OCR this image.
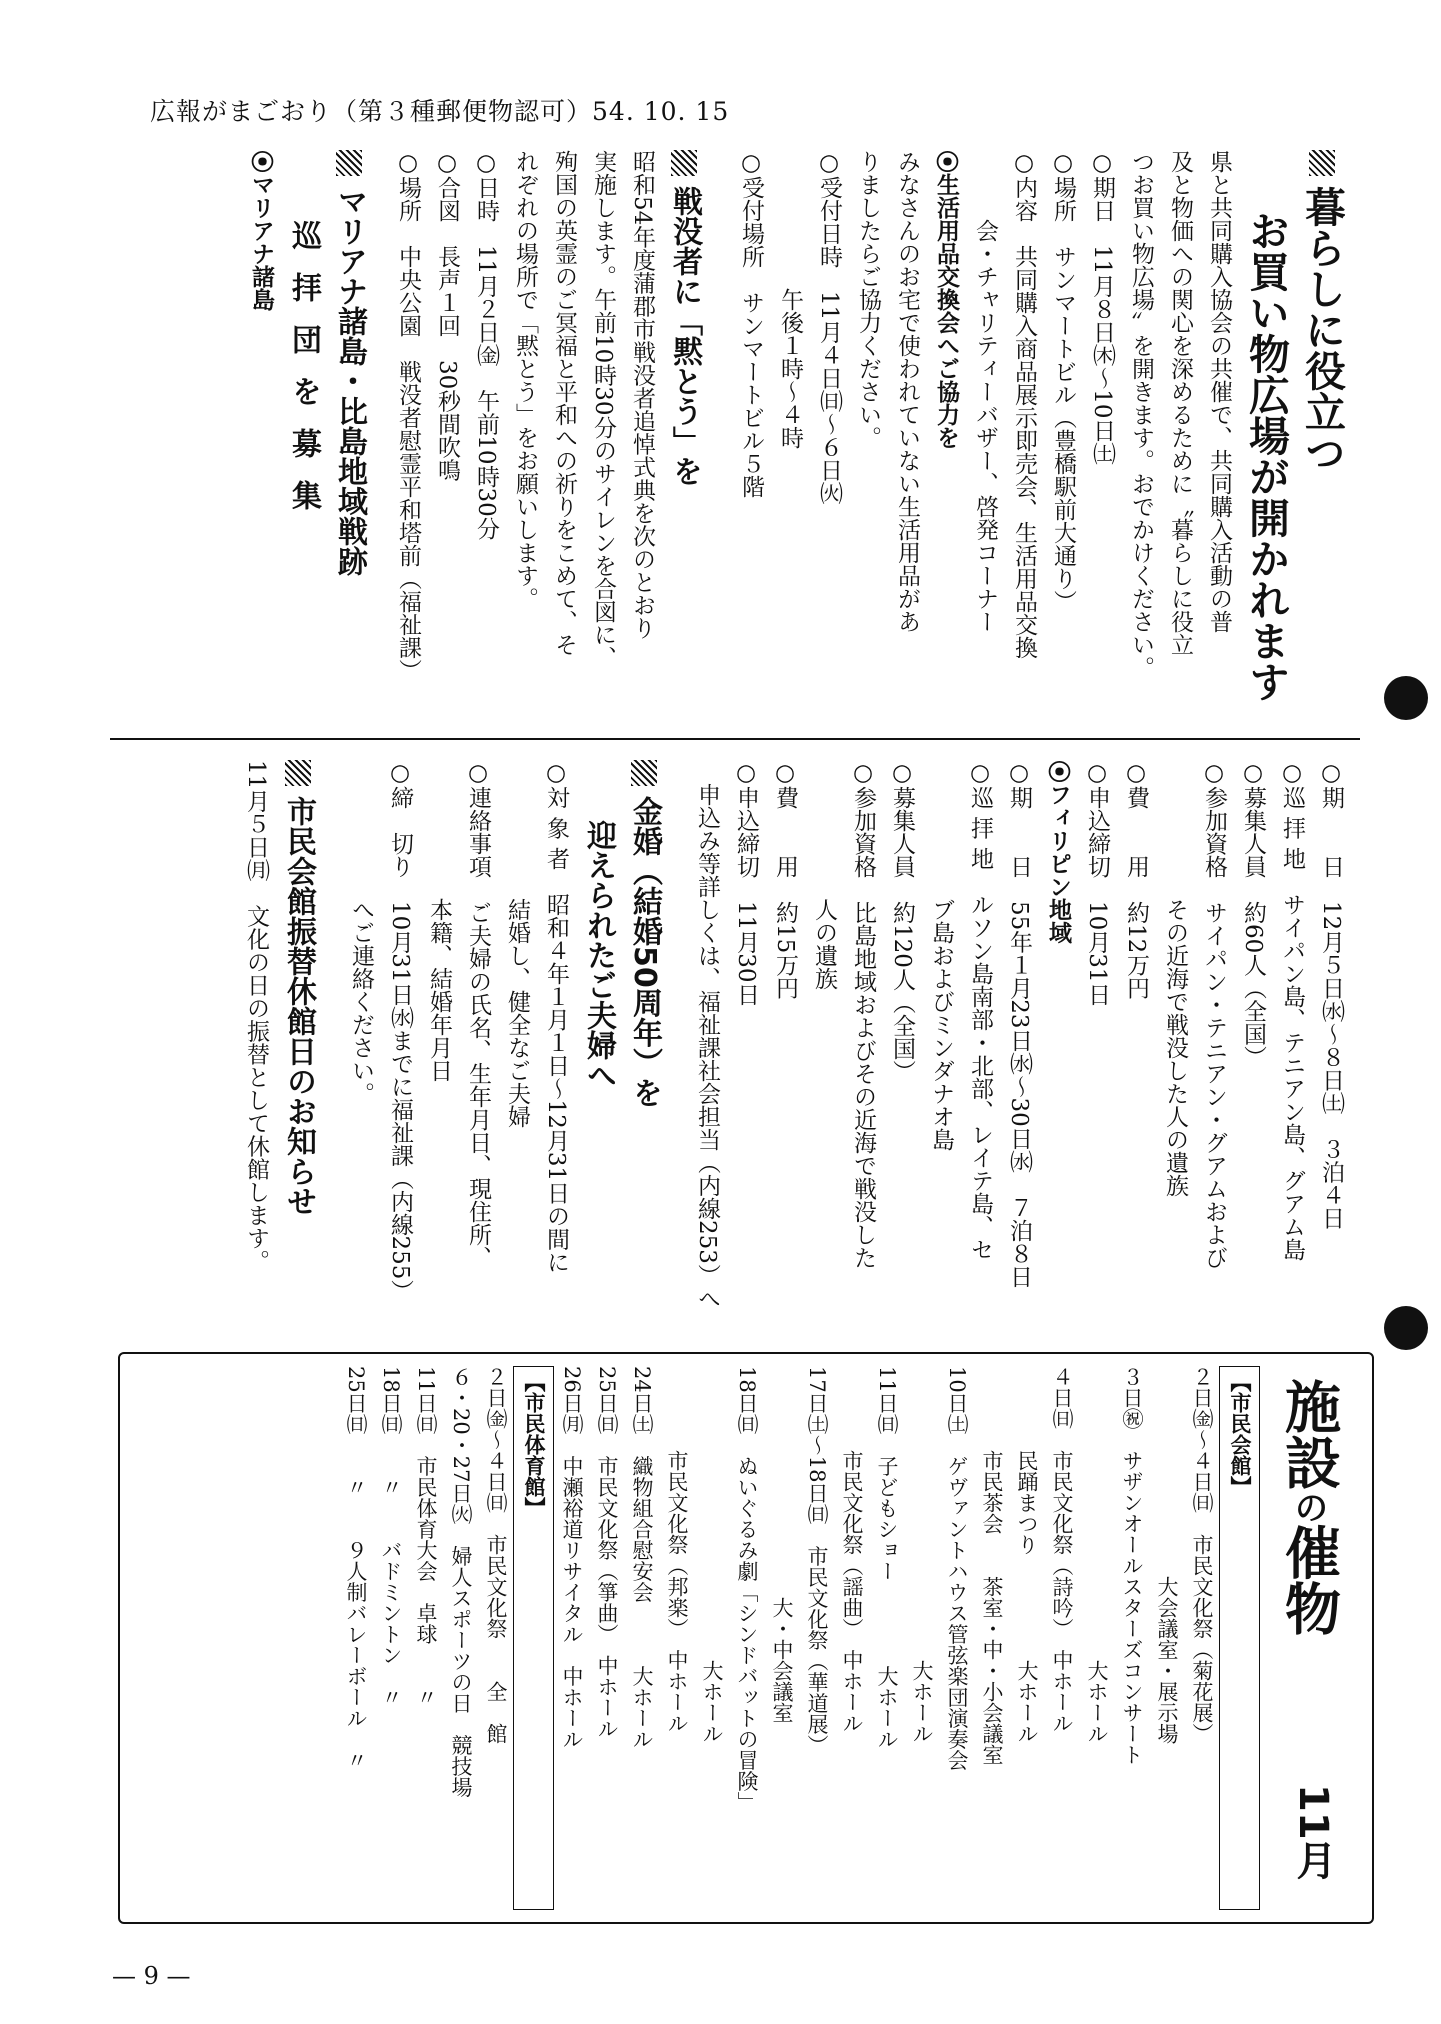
広報がまごおり（第３種郵便物認可）54. 10. 15
暮らしに役立つ
お買い物広場が開かれます
県と共同購入協会の共催で、共同購入活動の普
及と物価への関心を深めるために〝暮らしに役立
つお買い物広場〟を開きます。おでかけください。
○期日　11月８日㈭～10日㈯
○場所　サンマートビル（豊橋駅前大通り）
○内容　共同購入商品展示即売会、生活用品交換
　　　会・チャリティーバザー、啓発コーナー
⦿生活用品交換会へご協力を
みなさんのお宅で使われていない生活用品があ
りましたらご協力ください。
○受付日時　11月４日㈰～６日㈫
　　　　　　午後１時～４時
○受付場所　サンマートビル５階
戦没者に「黙とう」を
昭和54年度蒲郡市戦没者追悼式典を次のとおり
実施します。午前10時30分のサイレンを合図に、
殉国の英霊のご冥福と平和への祈りをこめて、そ
れぞれの場所で「黙とう」をお願いします。
○日時　11月２日㈮　午前10時30分
○合図　長声１回　30秒間吹鳴
○場所　中央公園　戦没者慰霊平和塔前（福祉課）
マリアナ諸島・比島地域戦跡
巡拝団を募集
⦿マリアナ諸島
○期　　日　12月５日㈬～８日㈯　３泊４日
○巡 拝 地　サイパン島、テニアン島、グアム島
○募集人員　約60人（全国）
○参加資格　サイパン・テニアン・グアムおよび
　　　　　　その近海で戦没した人の遺族
○費　　用　約12万円
○申込締切　10月31日
⦿フィリピン地域
○期　　日　55年１月23日㈬～30日㈬　７泊８日
○巡 拝 地　ルソン島南部・北部、レイテ島、セ
　　　　　　ブ島およびミンダナオ島
○募集人員　約120人（全国）
○参加資格　比島地域およびその近海で戦没した
　　　　　　人の遺族
○費　　用　約15万円
○申込締切　11月30日
　申込み等詳しくは、福祉課社会担当（内線253）へ
金婚（結婚50周年）を
迎えられたご夫婦へ
○対 象 者　昭和４年１月１日～12月31日の間に
　　　　　　結婚し、健全なご夫婦
○連絡事項　ご夫婦の氏名、生年月日、現住所、
　　　　　　本籍、結婚年月日
○締　切り　10月31日㈬までに福祉課（内線255）
　　　　　　へご連絡ください。
市民会館振替休館日のお知らせ
11月５日㈪　文化の日の振替として休館します。
施設の催物
11月
【市民会館】
２日㈮～４日㈰　市民文化祭（菊花展）
　　　　　　　　　　大会議室・展示場
３日㊗　サザンオールスターズコンサート
　　　　　　　　　　　　　　大ホール
４日㈰　市民文化祭（詩吟）　中ホール
　　　　民踊まつり　　　　　大ホール
　　　　市民茶会　　茶室・中・小会議室
10日㈯　ゲヴァントハウス管弦楽団演奏会
　　　　　　　　　　　　　　大ホール
11日㈰　子どもショー　　　　大ホール
　　　　市民文化祭（謡曲）　中ホール
17日㈯～18日㈰　市民文化祭（華道展）
　　　　　　　　　　　大・中会議室
18日㈰　ぬいぐるみ劇「シンドバットの冒険」
　　　　　　　　　　　　　　大ホール
　　　　市民文化祭（邦楽）　中ホール
24日㈯　織物組合慰安会　　　大ホール
25日㈰　市民文化祭（箏曲）　中ホール
26日㈪　中瀬裕道リサイタル　中ホール
【市民体育館】
２日㈮～４日㈰　市民文化祭　　全　館
６・20・27日㈫　婦人スポーツの日　競技場
11日㈰　市民体育大会　卓球　　〃
18日㈰　　〃　　バドミントン　〃
25日㈰　　〃　　９人制バレーボール　〃
— 9 —
